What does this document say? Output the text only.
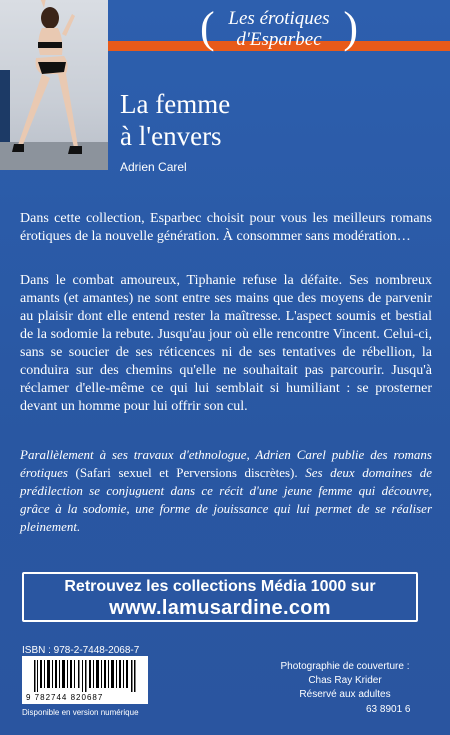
(	)
Les érotiques
d'Esparbec
La femme
à l'envers
Adrien Carel
Dans cette collection, Esparbec choisit pour vous les meilleurs romans érotiques de la nouvelle génération. À consommer sans modération…
Dans le combat amoureux, Tiphanie refuse la défaite. Ses nombreux amants (et amantes) ne sont entre ses mains que des moyens de parvenir au plaisir dont elle entend rester la maîtresse. L'aspect soumis et bestial de la sodomie la rebute. Jusqu'au jour où elle rencontre Vincent. Celui-ci, sans se soucier de ses réticences ni de ses tentatives de rébellion, la conduira sur des chemins qu'elle ne souhaitait pas parcourir. Jusqu'à réclamer d'elle-même ce qui lui semblait si humiliant : se prosterner devant un homme pour lui offrir son cul.
Parallèlement à ses travaux d'ethnologue, Adrien Carel publie des romans érotiques (Safari sexuel et Perversions discrètes). Ses deux domaines de prédilection se conjuguent dans ce récit d'une jeune femme qui découvre, grâce à la sodomie, une forme de jouissance qui lui permet de se réaliser pleinement.
Retrouvez les collections Média 1000 sur
www.lamusardine.com
ISBN : 978-2-7448-2068-7
9 782744 820687
Disponible en version numérique
Photographie de couverture :
Chas Ray Krider
Réservé aux adultes
63 8901 6
